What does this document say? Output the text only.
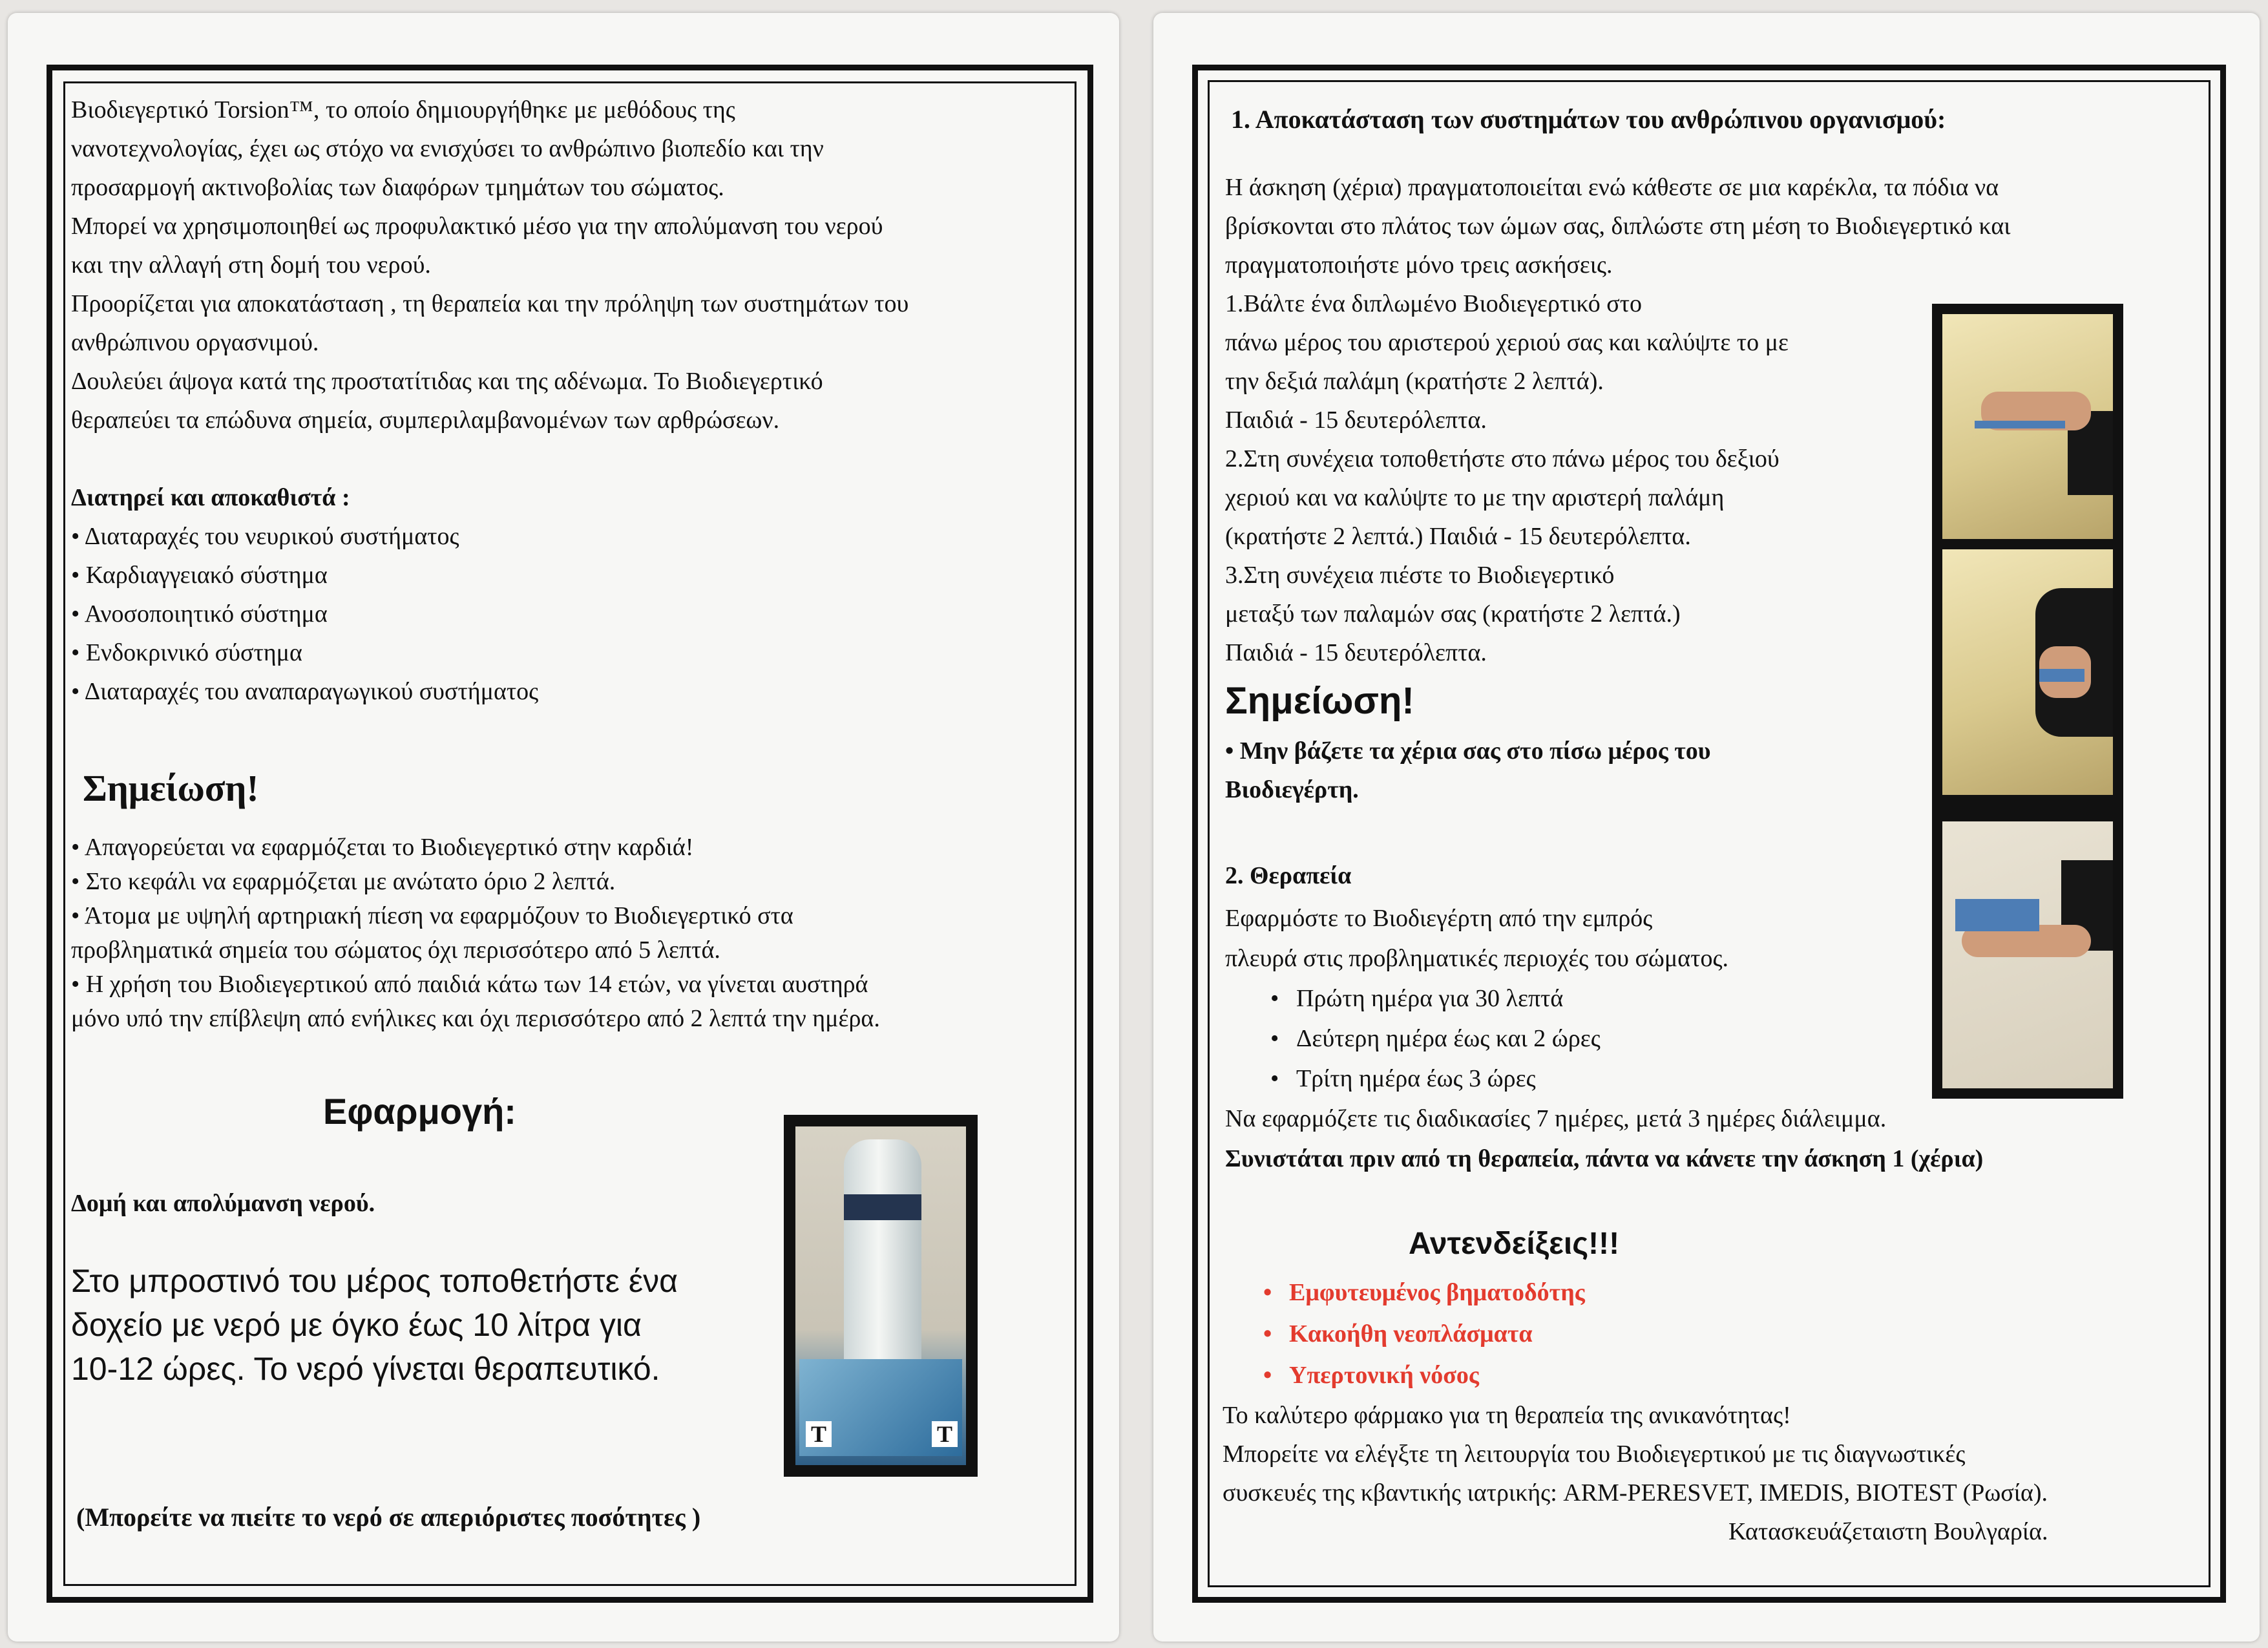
Βιοδιεγερτικό Torsion™, το οποίο δημιουργήθηκε με μεθόδους της
νανοτεχνολογίας, έχει ως στόχο να ενισχύσει το ανθρώπινο βιοπεδίο και την
προσαρμογή ακτινοβολίας των διαφόρων τμημάτων του σώματος.
Μπορεί να χρησιμοποιηθεί ως προφυλακτικό μέσο για την απολύμανση του νερού
και την αλλαγή στη δομή του νερού.
Προορίζεται για αποκατάσταση , τη θεραπεία και την πρόληψη των συστημάτων του
ανθρώπινου οργασνιμού.
Δουλεύει άψογα κατά της προστατίτιδας και της αδένωμα. Το Βιοδιεγερτικό
θεραπεύει τα επώδυνα σημεία, συμπεριλαμβανομένων των αρθρώσεων.
Διατηρεί και αποκαθιστά :
• Διαταραχές του νευρικού συστήματος
• Καρδιαγγειακό σύστημα
• Ανοσοποιητικό σύστημα
• Ενδοκρινικό σύστημα
• Διαταραχές του αναπαραγωγικού συστήματος
Σημείωση!
• Απαγορεύεται να εφαρμόζεται το Βιοδιεγερτικό στην καρδιά!
• Στο κεφάλι να εφαρμόζεται με ανώτατο όριο 2 λεπτά.
• Άτομα με υψηλή αρτηριακή πίεση να εφαρμόζουν το Βιοδιεγερτικό στα
προβληματικά σημεία του σώματος όχι περισσότερο από 5 λεπτά.
• Η χρήση του Βιοδιεγερτικού από παιδιά κάτω των 14 ετών, να γίνεται αυστηρά
μόνο υπό την επίβλεψη από ενήλικες και όχι περισσότερο από 2 λεπτά την ημέρα.
Εφαρμογή:
Δομή και απολύμανση νερού.
Στο μπροστινό του μέρος τοποθετήστε ένα
δοχείο με νερό με όγκο έως 10 λίτρα για
10-12 ώρες. Το νερό γίνεται θεραπευτικό.
T	T
(Μπορείτε να πιείτε το νερό σε απεριόριστες ποσότητες )
1. Αποκατάσταση των συστημάτων του ανθρώπινου οργανισμού:
Η άσκηση (χέρια) πραγματοποιείται ενώ κάθεστε σε μια καρέκλα, τα πόδια να
βρίσκονται στο πλάτος των ώμων σας, διπλώστε στη μέση το Βιοδιεγερτικό και
πραγματοποιήστε μόνο τρεις ασκήσεις.
1.Βάλτε ένα διπλωμένο Βιοδιεγερτικό στο
πάνω μέρος του αριστερού χεριού σας και καλύψτε το με
την δεξιά παλάμη (κρατήστε 2 λεπτά).
Παιδιά - 15 δευτερόλεπτα.
2.Στη συνέχεια τοποθετήστε στο πάνω μέρος του δεξιού
χεριού και να καλύψτε το με την αριστερή παλάμη
(κρατήστε 2 λεπτά.) Παιδιά - 15 δευτερόλεπτα.
3.Στη συνέχεια πιέστε το Βιοδιεγερτικό
μεταξύ των παλαμών σας (κρατήστε 2 λεπτά.)
Παιδιά - 15 δευτερόλεπτα.
Σημείωση!
• Μην βάζετε τα χέρια σας στο πίσω μέρος του
Βιοδιεγέρτη.
2. Θεραπεία
Εφαρμόστε το Βιοδιεγέρτη από την εμπρός
πλευρά στις προβληματικές περιοχές του σώματος.
• Πρώτη ημέρα για 30 λεπτά
• Δεύτερη ημέρα έως και 2 ώρες
• Τρίτη ημέρα έως 3 ώρες
Να εφαρμόζετε τις διαδικασίες 7 ημέρες, μετά 3 ημέρες διάλειμμα.
Συνιστάται πριν από τη θεραπεία, πάντα να κάνετε την άσκηση 1 (χέρια)
Αντενδείξεις!!!
• Εμφυτευμένος βηματοδότης
• Κακοήθη νεοπλάσματα
• Υπερτονική νόσος
Το καλύτερο φάρμακο για τη θεραπεία της ανικανότητας!
Μπορείτε να ελέγξτε τη λειτουργία του Βιοδιεγερτικού με τις διαγνωστικές
συσκευές της κβαντικής ιατρικής: ARM-PERESVET, IMEDIS, BIOTEST (Ρωσία).
Κατασκευάζεταιστη Βουλγαρία.
